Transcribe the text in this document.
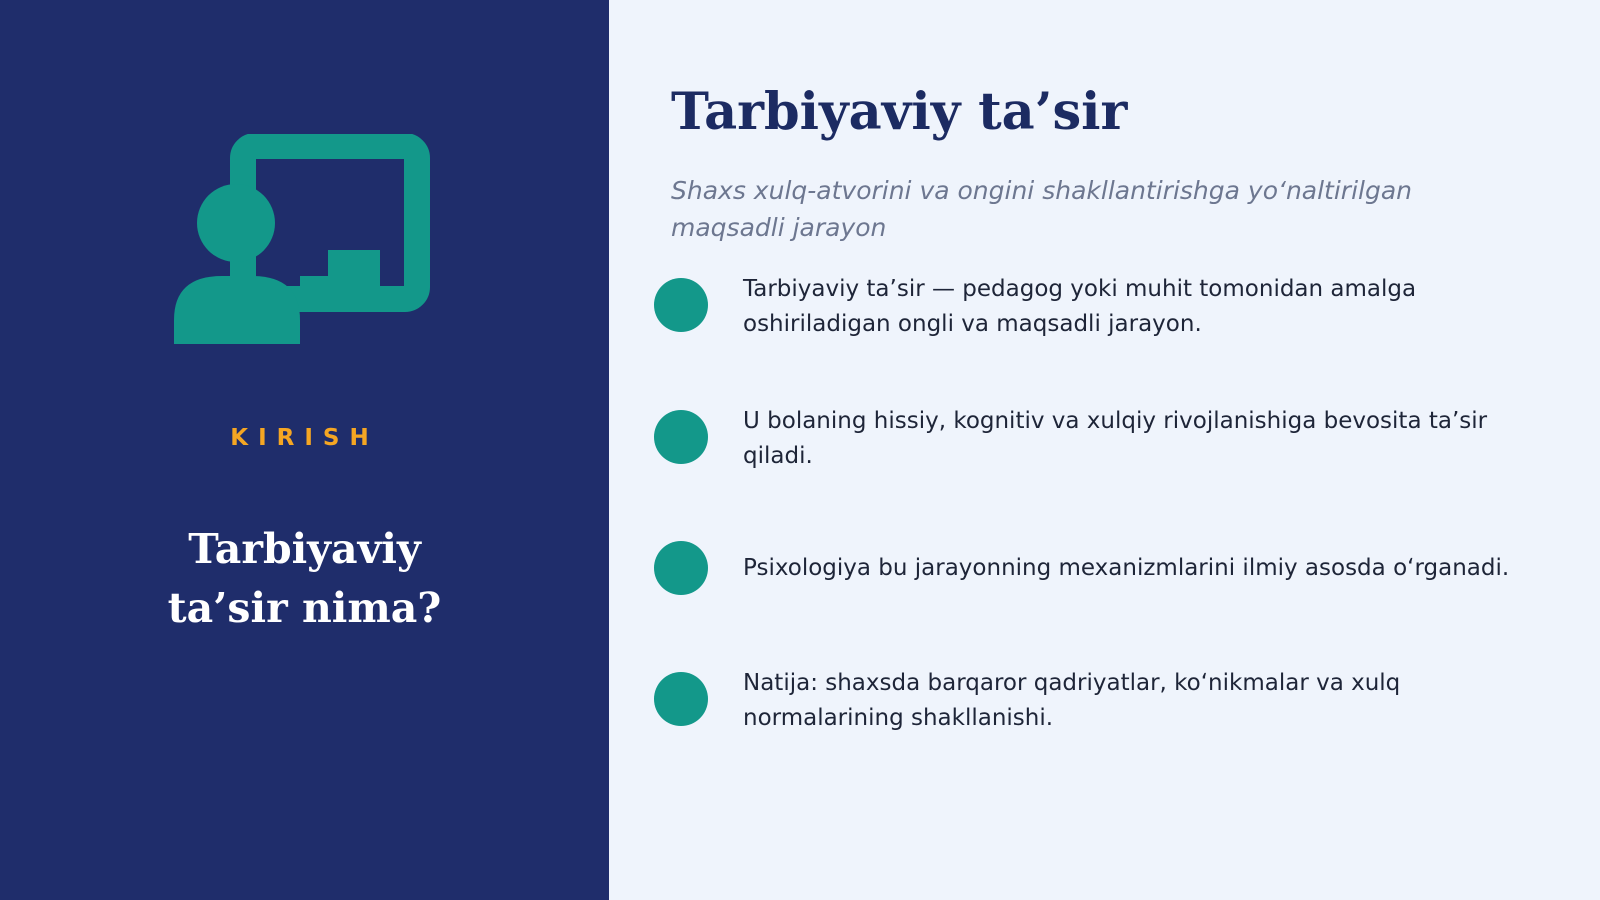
KIRISH
Tarbiyaviy
ta’sir nima?
Tarbiyaviy ta’sir
Shaxs xulq-atvorini va ongini shakllantirishga yoʻnaltirilgan
maqsadli jarayon
Tarbiyaviy ta’sir — pedagog yoki muhit tomonidan amalga
oshiriladigan ongli va maqsadli jarayon.
U bolaning hissiy, kognitiv va xulqiy rivojlanishiga bevosita ta’sir
qiladi.
Psixologiya bu jarayonning mexanizmlarini ilmiy asosda oʻrganadi.
Natija: shaxsda barqaror qadriyatlar, koʻnikmalar va xulq
normalarining shakllanishi.
